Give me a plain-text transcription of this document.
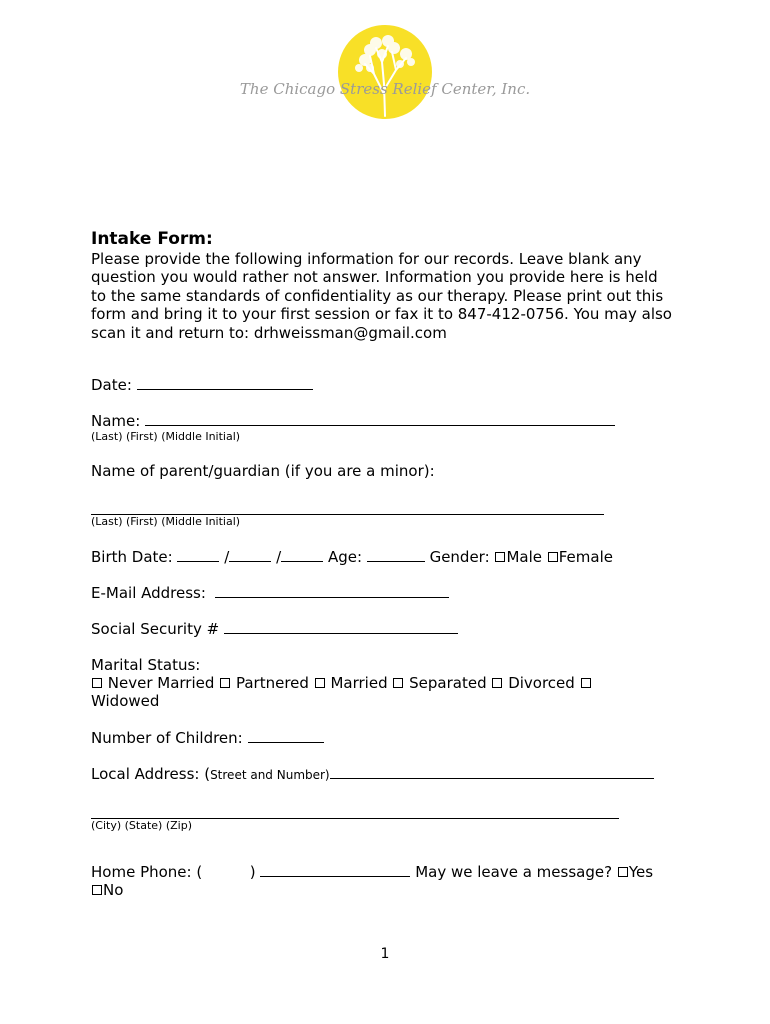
The Chicago Stress Relief Center, Inc.
Intake Form:
Please provide the following information for our records. Leave blank any
question you would rather not answer. Information you provide here is held
to the same standards of confidentiality as our therapy. Please print out this
form and bring it to your first session or fax it to 847-412-0756. You may also
scan it and return to: drhweissman@gmail.com
Date:
Name:
(Last) (First) (Middle Initial)
Name of parent/guardian (if you are a minor):
(Last) (First) (Middle Initial)
Birth Date:	/	/	Age:	Gender: Male Female
E-Mail Address:
Social Security #
Marital Status:
Never Married Partnered Married Separated Divorced
Widowed
Number of Children:
Local Address: (Street and Number)
(City) (State) (Zip)
Home Phone: (	)	May we leave a message? Yes
No
1
